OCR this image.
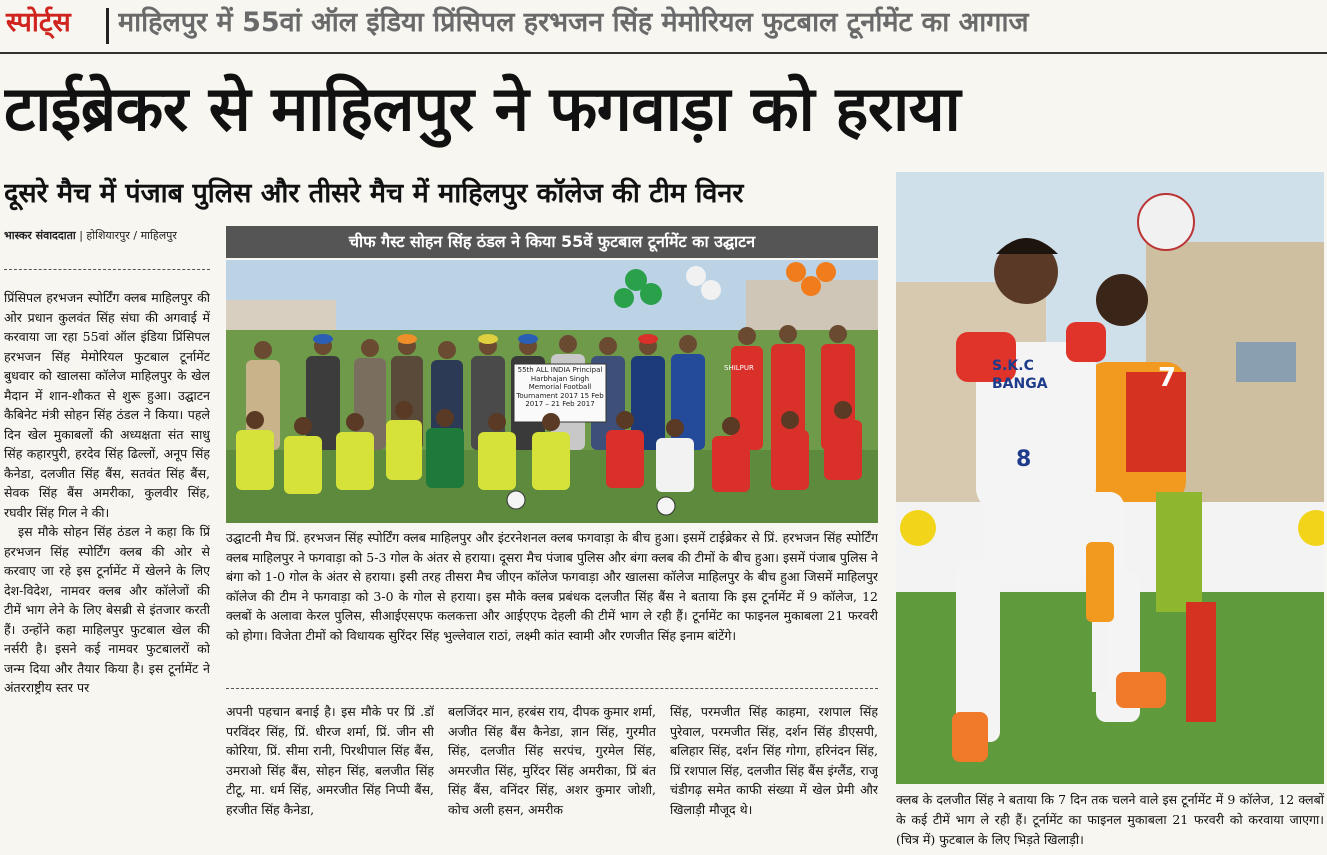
स्पोर्ट्स माहिलपुर में 55वां ऑल इंडिया प्रिंसिपल हरभजन सिंह मेमोरियल फुटबाल टूर्नामेंट का आगाज
टाईब्रेकर से माहिलपुर ने फगवाड़ा को हराया
दूसरे मैच में पंजाब पुलिस और तीसरे मैच में माहिलपुर कॉलेज की टीम विनर
भास्कर संवाददाता | होशियारपुर / माहिलपुर

प्रिंसिपल हरभजन स्पोर्टिंग क्लब माहिलपुर की ओर प्रधान कुलवंत सिंह संघा की अगवाई में करवाया जा रहा 55वां ऑल इंडिया प्रिंसिपल हरभजन सिंह मेमोरियल फुटबाल टूर्नामेंट बुधवार को खालसा कॉलेज माहिलपुर के खेल मैदान में शान-शौकत से शुरू हुआ। उद्घाटन कैबिनेट मंत्री सोहन सिंह ठंडल ने किया। पहले दिन खेल मुकाबलों की अध्यक्षता संत साधु सिंह कहारपुरी, हरदेव सिंह ढिल्लों, अनूप सिंह कैनेडा, दलजीत सिंह बैंस, सतवंत सिंह बैंस, सेवक सिंह बैंस अमरीका, कुलवीर सिंह, रघवीर सिंह गिल ने की।

इस मौके सोहन सिंह ठंडल ने कहा कि प्रिं हरभजन सिंह स्पोर्टिंग क्लब की ओर से करवाए जा रहे इस टूर्नामेंट में खेलने के लिए देश-विदेश, नामवर क्लब और कॉलेजों की टीमें भाग लेने के लिए बेसब्री से इंतजार करती हैं। उन्होंने कहा माहिलपुर फुटबाल खेल की नर्सरी है। इसने कई नामवर फुटबालरों को जन्म दिया और तैयार किया है। इस टूर्नामेंट ने अंतरराष्ट्रीय स्तर पर

चीफ गैस्ट सोहन सिंह ठंडल ने किया 55वें फुटबाल टूर्नामेंट का उद्घाटन
55th ALL INDIA Principal Harbhajan Singh Memorial Football Tournament 2017 15 Feb 2017 – 21 Feb 2017
SHILPUR

उद्घाटनी मैच प्रिं. हरभजन सिंह स्पोर्टिंग क्लब माहिलपुर और इंटरनेशनल क्लब फगवाड़ा के बीच हुआ। इसमें टाईब्रेकर से प्रिं. हरभजन सिंह स्पोर्टिंग क्लब माहिलपुर ने फगवाड़ा को 5-3 गोल के अंतर से हराया। दूसरा मैच पंजाब पुलिस और बंगा क्लब की टीमों के बीच हुआ। इसमें पंजाब पुलिस ने बंगा को 1-0 गोल के अंतर से हराया। इसी तरह तीसरा मैच जीएन कॉलेज फगवाड़ा और खालसा कॉलेज माहिलपुर के बीच हुआ जिसमें माहिलपुर कॉलेज की टीम ने फगवाड़ा को 3-0 के गोल से हराया। इस मौके क्लब प्रबंधक दलजीत सिंह बैंस ने बताया कि इस टूर्नामेंट में 9 कॉलेज, 12 क्लबों के अलावा केरल पुलिस, सीआईएसएफ कलकत्ता और आईएएफ देहली की टीमें भाग ले रही हैं। टूर्नामेंट का फाइनल मुकाबला 21 फरवरी को होगा। विजेता टीमों को विधायक सुरिंदर सिंह भुल्लेवाल राठां, लक्ष्मी कांत स्वामी और रणजीत सिंह इनाम बांटेंगे।

अपनी पहचान बनाई है। इस मौके पर प्रिं .डॉ परविंदर सिंह, प्रिं. धीरज शर्मा, प्रिं. जीन सी कोरिया, प्रिं. सीमा रानी, पिरथीपाल सिंह बैंस, उमराओ सिंह बैंस, सोहन सिंह, बलजीत सिंह टीटू, मा. धर्म सिंह, अमरजीत सिंह निप्पी बैंस, हरजीत सिंह कैनेडा,

बलजिंदर मान, हरबंस राय, दीपक कुमार शर्मा, अजीत सिंह बैंस कैनेडा, ज्ञान सिंह, गुरमीत सिंह, दलजीत सिंह सरपंच, गुरमेल सिंह, अमरजीत सिंह, मुरिंदर सिंह अमरीका, प्रिं बंत सिंह बैंस, वनिंदर सिंह, अशर कुमार जोशी, कोच अली हसन, अमरीक

सिंह, परमजीत सिंह काहमा, रशपाल सिंह पुरेवाल, परमजीत सिंह, दर्शन सिंह डीएसपी, बलिहार सिंह, दर्शन सिंह गोगा, हरिनंदन सिंह, प्रिं रशपाल सिंह, दलजीत सिंह बैंस इंग्लैंड, राजू चंडीगढ़ समेत काफी संख्या में खेल प्रेमी और खिलाड़ी मौजूद थे।

S.K.C
BANGA
8
7
क्लब के दलजीत सिंह ने बताया कि 7 दिन तक चलने वाले इस टूर्नामेंट में 9 कॉलेज, 12 क्लबों के कई टीमें भाग ले रही हैं। टूर्नामेंट का फाइनल मुकाबला 21 फरवरी को करवाया जाएगा। (चित्र में) फुटबाल के लिए भिड़ते खिलाड़ी।
